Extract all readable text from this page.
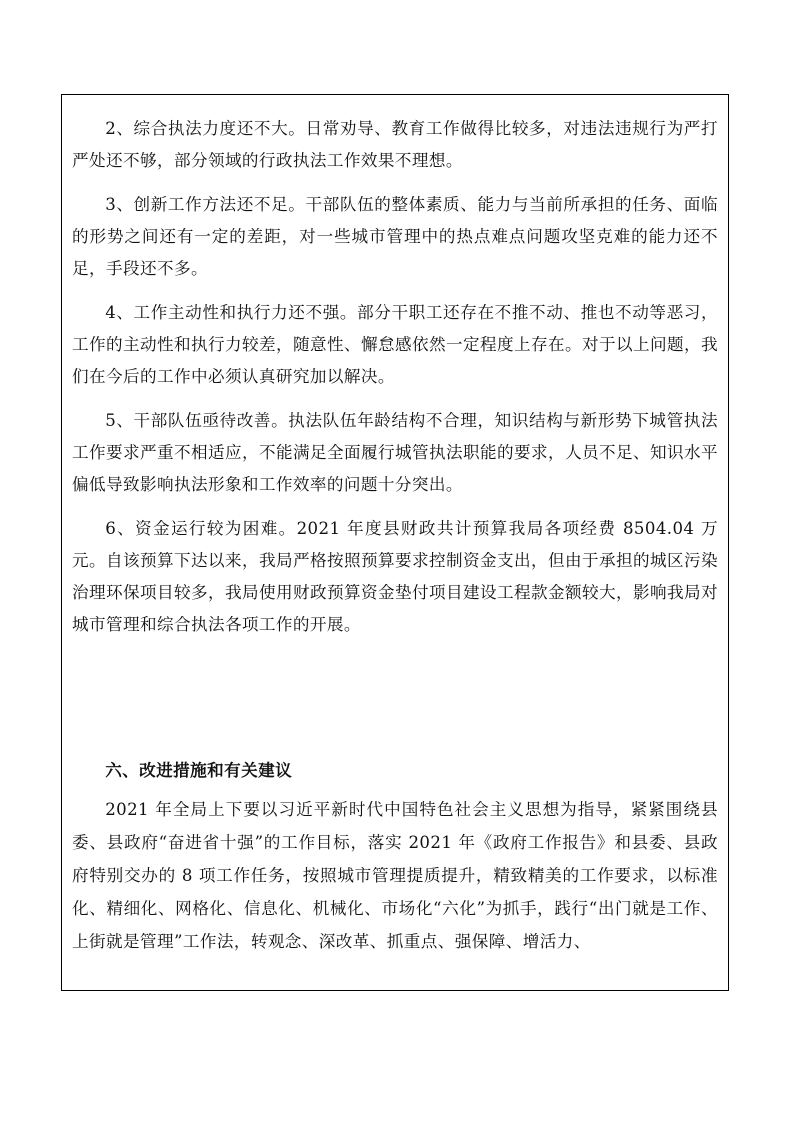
2、综合执法力度还不大。日常劝导、教育工作做得比较多，对违法违规行为严打严处还不够，部分领域的行政执法工作效果不理想。

3、创新工作方法还不足。干部队伍的整体素质、能力与当前所承担的任务、面临的形势之间还有一定的差距，对一些城市管理中的热点难点问题攻坚克难的能力还不足，手段还不多。

4、工作主动性和执行力还不强。部分干职工还存在不推不动、推也不动等恶习，工作的主动性和执行力较差，随意性、懈怠感依然一定程度上存在。对于以上问题，我们在今后的工作中必须认真研究加以解决。

5、干部队伍亟待改善。执法队伍年龄结构不合理，知识结构与新形势下城管执法工作要求严重不相适应，不能满足全面履行城管执法职能的要求，人员不足、知识水平偏低导致影响执法形象和工作效率的问题十分突出。

6、资金运行较为困难。2021 年度县财政共计预算我局各项经费 8504.04 万元。自该预算下达以来，我局严格按照预算要求控制资金支出，但由于承担的城区污染治理环保项目较多，我局使用财政预算资金垫付项目建设工程款金额较大，影响我局对城市管理和综合执法各项工作的开展。

六、改进措施和有关建议

2021 年全局上下要以习近平新时代中国特色社会主义思想为指导，紧紧围绕县委、县政府“奋进省十强”的工作目标，落实 2021 年《政府工作报告》和县委、县政府特别交办的 8 项工作任务，按照城市管理提质提升，精致精美的工作要求，以标准化、精细化、网格化、信息化、机械化、市场化“六化”为抓手，践行“出门就是工作、上街就是管理”工作法，转观念、深改革、抓重点、强保障、增活力、
